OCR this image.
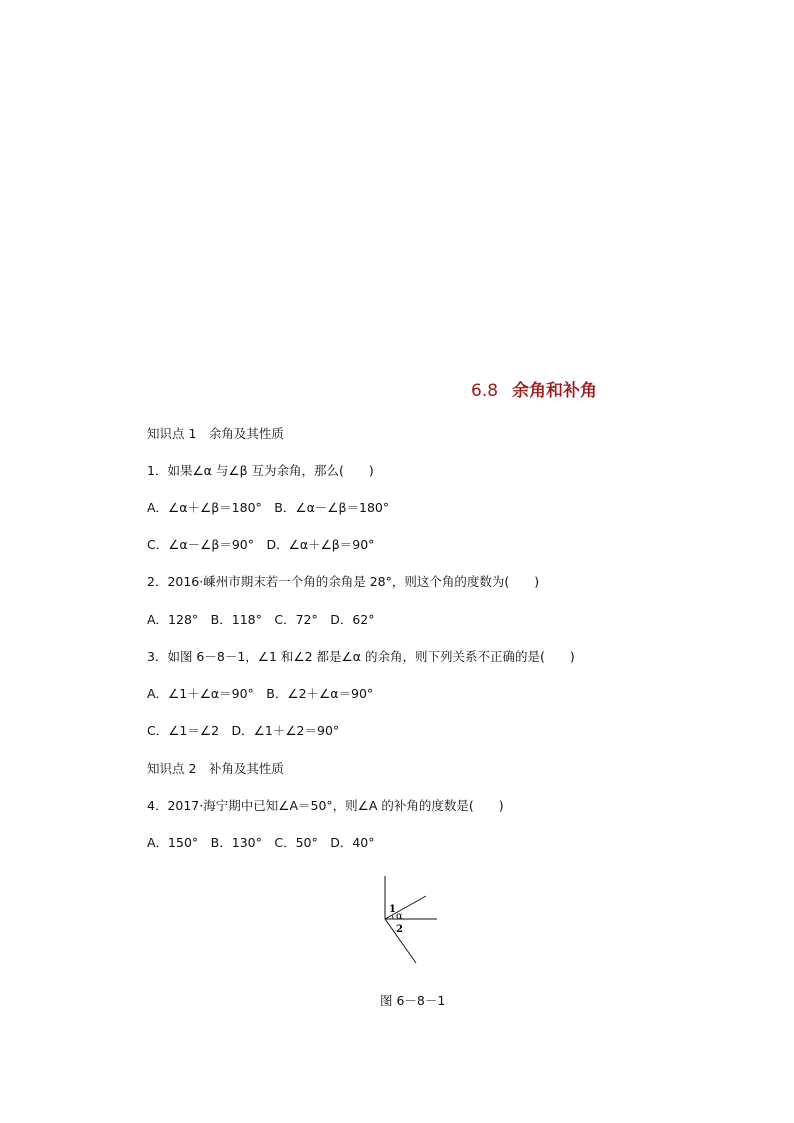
6.8 余角和补角
知识点 1　余角及其性质
1．如果∠α 与∠β 互为余角，那么(　　)
A．∠α＋∠β＝180°　B．∠α－∠β＝180°
C．∠α－∠β＝90°　D．∠α＋∠β＝90°
2．2016·嵊州市期末若一个角的余角是 28°，则这个角的度数为(　　)
A．128°　B．118°　C．72°　D．62°
3．如图 6－8－1，∠1 和∠2 都是∠α 的余角，则下列关系不正确的是(　　)
A．∠1＋∠α＝90°　B．∠2＋∠α＝90°
C．∠1＝∠2　D．∠1＋∠2＝90°
知识点 2　补角及其性质
4．2017·海宁期中已知∠A＝50°，则∠A 的补角的度数是(　　)
A．150°　B．130°　C．50°　D．40°
1
α
2
图 6－8－1
